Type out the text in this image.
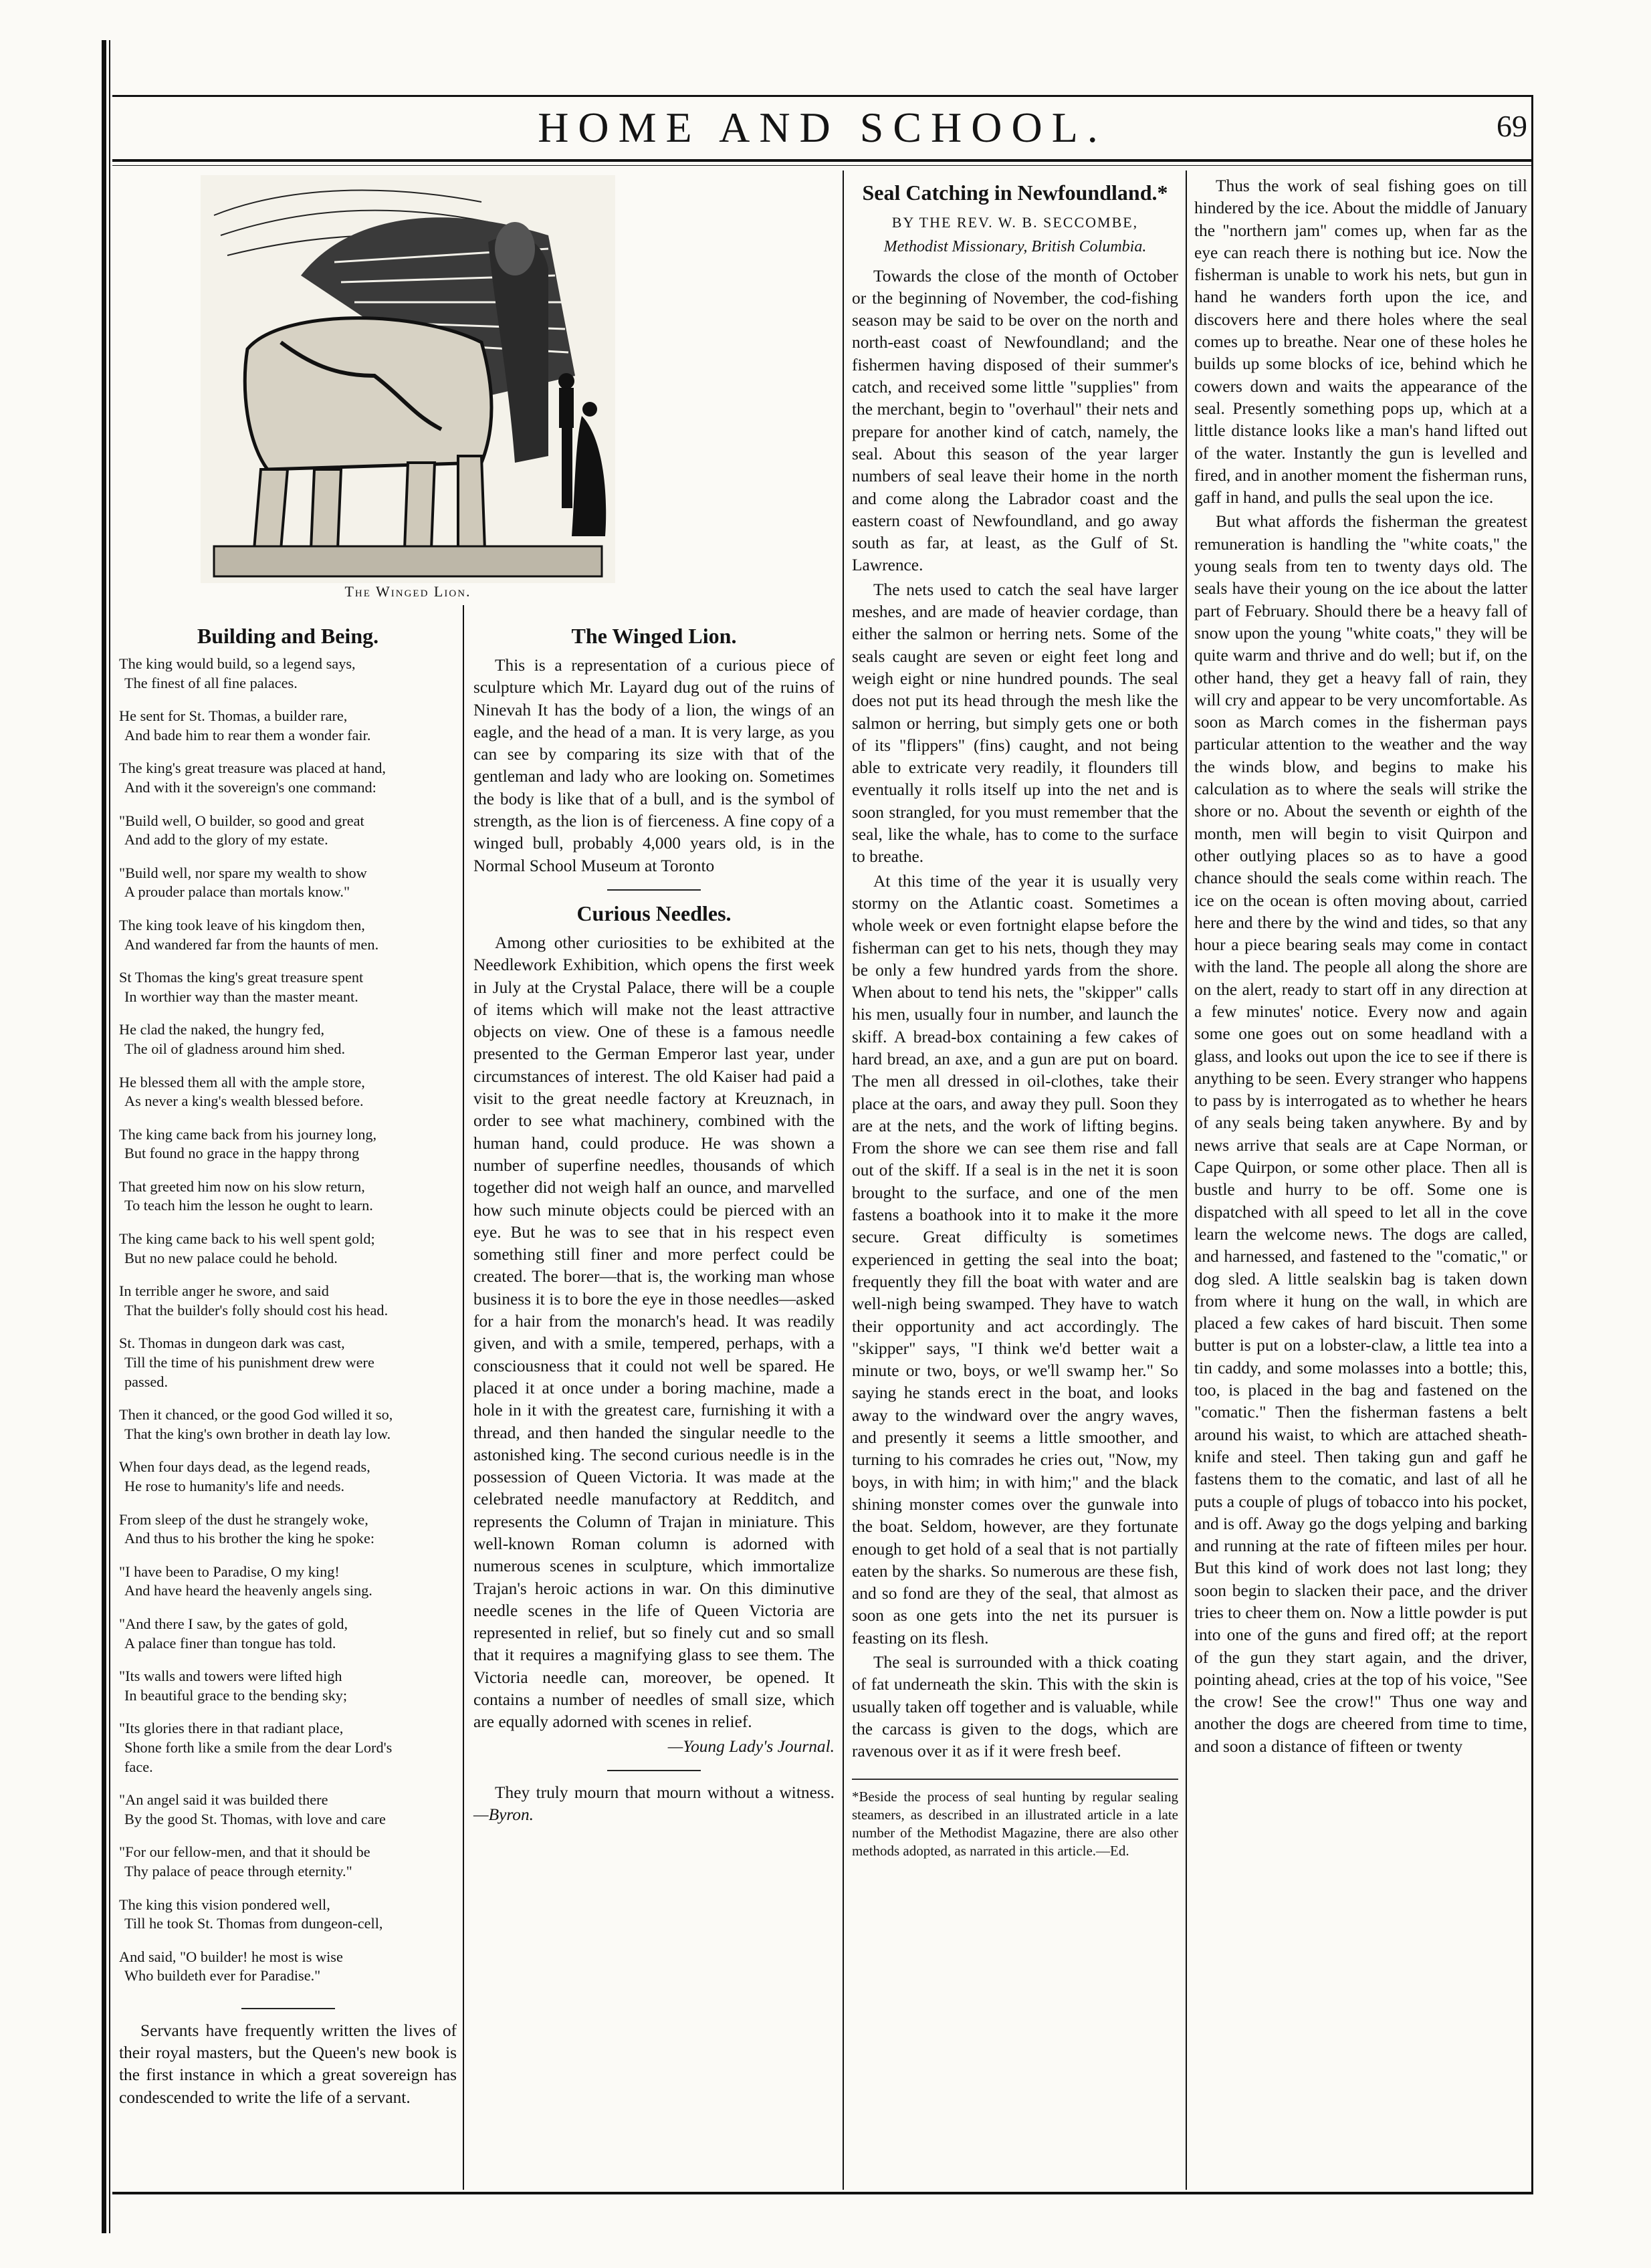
HOME AND SCHOOL.	69
The Winged Lion.
Building and Being.
The king would build, so a legend says,
The finest of all fine palaces.
He sent for St. Thomas, a builder rare,
And bade him to rear them a wonder fair.
The king's great treasure was placed at hand,
And with it the sovereign's one command:
"Build well, O builder, so good and great
And add to the glory of my estate.
"Build well, nor spare my wealth to show
A prouder palace than mortals know."
The king took leave of his kingdom then,
And wandered far from the haunts of men.
St Thomas the king's great treasure spent
In worthier way than the master meant.
He clad the naked, the hungry fed,
The oil of gladness around him shed.
He blessed them all with the ample store,
As never a king's wealth blessed before.
The king came back from his journey long,
But found no grace in the happy throng
That greeted him now on his slow return,
To teach him the lesson he ought to learn.
The king came back to his well spent gold;
But no new palace could he behold.
In terrible anger he swore, and said
That the builder's folly should cost his head.
St. Thomas in dungeon dark was cast,
Till the time of his punishment drew were
passed.
Then it chanced, or the good God willed it so,
That the king's own brother in death lay low.
When four days dead, as the legend reads,
He rose to humanity's life and needs.
From sleep of the dust he strangely woke,
And thus to his brother the king he spoke:
"I have been to Paradise, O my king!
And have heard the heavenly angels sing.
"And there I saw, by the gates of gold,
A palace finer than tongue has told.
"Its walls and towers were lifted high
In beautiful grace to the bending sky;
"Its glories there in that radiant place,
Shone forth like a smile from the dear Lord's
face.
"An angel said it was builded there
By the good St. Thomas, with love and care
"For our fellow-men, and that it should be
Thy palace of peace through eternity."
The king this vision pondered well,
Till he took St. Thomas from dungeon-cell,
And said, "O builder! he most is wise
Who buildeth ever for Paradise."

Servants have frequently written the lives of their royal masters, but the Queen's new book is the first instance in which a great sovereign has condescended to write the life of a servant.

The Winged Lion.

This is a representation of a curious piece of sculpture which Mr. Layard dug out of the ruins of Ninevah It has the body of a lion, the wings of an eagle, and the head of a man. It is very large, as you can see by comparing its size with that of the gentleman and lady who are looking on. Sometimes the body is like that of a bull, and is the symbol of strength, as the lion is of fierceness. A fine copy of a winged bull, probably 4,000 years old, is in the Normal School Museum at Toronto

Curious Needles.

Among other curiosities to be exhibited at the Needlework Exhibition, which opens the first week in July at the Crystal Palace, there will be a couple of items which will make not the least attractive objects on view. One of these is a famous needle presented to the German Emperor last year, under circumstances of interest. The old Kaiser had paid a visit to the great needle factory at Kreuznach, in order to see what machinery, combined with the human hand, could produce. He was shown a number of superfine needles, thousands of which together did not weigh half an ounce, and marvelled how such minute objects could be pierced with an eye. But he was to see that in his respect even something still finer and more perfect could be created. The borer—that is, the working man whose business it is to bore the eye in those needles—asked for a hair from the monarch's head. It was readily given, and with a smile, tempered, perhaps, with a consciousness that it could not well be spared. He placed it at once under a boring machine, made a hole in it with the greatest care, furnishing it with a thread, and then handed the singular needle to the astonished king. The second curious needle is in the possession of Queen Victoria. It was made at the celebrated needle manufactory at Redditch, and represents the Column of Trajan in miniature. This well-known Roman column is adorned with numerous scenes in sculpture, which immortalize Trajan's heroic actions in war. On this diminutive needle scenes in the life of Queen Victoria are represented in relief, but so finely cut and so small that it requires a magnifying glass to see them. The Victoria needle can, moreover, be opened. It contains a number of needles of small size, which are equally adorned with scenes in relief.

—Young Lady's Journal.

They truly mourn that mourn without a witness. —Byron.

Seal Catching in Newfoundland.*
BY THE REV. W. B. SECCOMBE,
Methodist Missionary, British Columbia.

Towards the close of the month of October or the beginning of November, the cod-fishing season may be said to be over on the north and north-east coast of Newfoundland; and the fishermen having disposed of their summer's catch, and received some little "supplies" from the merchant, begin to "overhaul" their nets and prepare for another kind of catch, namely, the seal. About this season of the year larger numbers of seal leave their home in the north and come along the Labrador coast and the eastern coast of Newfoundland, and go away south as far, at least, as the Gulf of St. Lawrence.

The nets used to catch the seal have larger meshes, and are made of heavier cordage, than either the salmon or herring nets. Some of the seals caught are seven or eight feet long and weigh eight or nine hundred pounds. The seal does not put its head through the mesh like the salmon or herring, but simply gets one or both of its "flippers" (fins) caught, and not being able to extricate very readily, it flounders till eventually it rolls itself up into the net and is soon strangled, for you must remember that the seal, like the whale, has to come to the surface to breathe.

At this time of the year it is usually very stormy on the Atlantic coast. Sometimes a whole week or even fortnight elapse before the fisherman can get to his nets, though they may be only a few hundred yards from the shore. When about to tend his nets, the "skipper" calls his men, usually four in number, and launch the skiff. A bread-box containing a few cakes of hard bread, an axe, and a gun are put on board. The men all dressed in oil-clothes, take their place at the oars, and away they pull. Soon they are at the nets, and the work of lifting begins. From the shore we can see them rise and fall out of the skiff. If a seal is in the net it is soon brought to the surface, and one of the men fastens a boathook into it to make it the more secure. Great difficulty is sometimes experienced in getting the seal into the boat; frequently they fill the boat with water and are well-nigh being swamped. They have to watch their opportunity and act accordingly. The "skipper" says, "I think we'd better wait a minute or two, boys, or we'll swamp her." So saying he stands erect in the boat, and looks away to the windward over the angry waves, and presently it seems a little smoother, and turning to his comrades he cries out, "Now, my boys, in with him; in with him;" and the black shining monster comes over the gunwale into the boat. Seldom, however, are they fortunate enough to get hold of a seal that is not partially eaten by the sharks. So numerous are these fish, and so fond are they of the seal, that almost as soon as one gets into the net its pursuer is feasting on its flesh.

The seal is surrounded with a thick coating of fat underneath the skin. This with the skin is usually taken off together and is valuable, while the carcass is given to the dogs, which are ravenous over it as if it were fresh beef.

*Beside the process of seal hunting by regular sealing steamers, as described in an illustrated article in a late number of the Methodist Magazine, there are also other methods adopted, as narrated in this article.—Ed.

Thus the work of seal fishing goes on till hindered by the ice. About the middle of January the "northern jam" comes up, when far as the eye can reach there is nothing but ice. Now the fisherman is unable to work his nets, but gun in hand he wanders forth upon the ice, and discovers here and there holes where the seal comes up to breathe. Near one of these holes he builds up some blocks of ice, behind which he cowers down and waits the appearance of the seal. Presently something pops up, which at a little distance looks like a man's hand lifted out of the water. Instantly the gun is levelled and fired, and in another moment the fisherman runs, gaff in hand, and pulls the seal upon the ice.

But what affords the fisherman the greatest remuneration is handling the "white coats," the young seals from ten to twenty days old. The seals have their young on the ice about the latter part of February. Should there be a heavy fall of snow upon the young "white coats," they will be quite warm and thrive and do well; but if, on the other hand, they get a heavy fall of rain, they will cry and appear to be very uncomfortable. As soon as March comes in the fisherman pays particular attention to the weather and the way the winds blow, and begins to make his calculation as to where the seals will strike the shore or no. About the seventh or eighth of the month, men will begin to visit Quirpon and other outlying places so as to have a good chance should the seals come within reach. The ice on the ocean is often moving about, carried here and there by the wind and tides, so that any hour a piece bearing seals may come in contact with the land. The people all along the shore are on the alert, ready to start off in any direction at a few minutes' notice. Every now and again some one goes out on some headland with a glass, and looks out upon the ice to see if there is anything to be seen. Every stranger who happens to pass by is interrogated as to whether he hears of any seals being taken anywhere. By and by news arrive that seals are at Cape Norman, or Cape Quirpon, or some other place. Then all is bustle and hurry to be off. Some one is dispatched with all speed to let all in the cove learn the welcome news. The dogs are called, and harnessed, and fastened to the "comatic," or dog sled. A little sealskin bag is taken down from where it hung on the wall, in which are placed a few cakes of hard biscuit. Then some butter is put on a lobster-claw, a little tea into a tin caddy, and some molasses into a bottle; this, too, is placed in the bag and fastened on the "comatic." Then the fisherman fastens a belt around his waist, to which are attached sheath-knife and steel. Then taking gun and gaff he fastens them to the comatic, and last of all he puts a couple of plugs of tobacco into his pocket, and is off. Away go the dogs yelping and barking and running at the rate of fifteen miles per hour. But this kind of work does not last long; they soon begin to slacken their pace, and the driver tries to cheer them on. Now a little powder is put into one of the guns and fired off; at the report of the gun they start again, and the driver, pointing ahead, cries at the top of his voice, "See the crow! See the crow!" Thus one way and another the dogs are cheered from time to time, and soon a distance of fifteen or twenty
